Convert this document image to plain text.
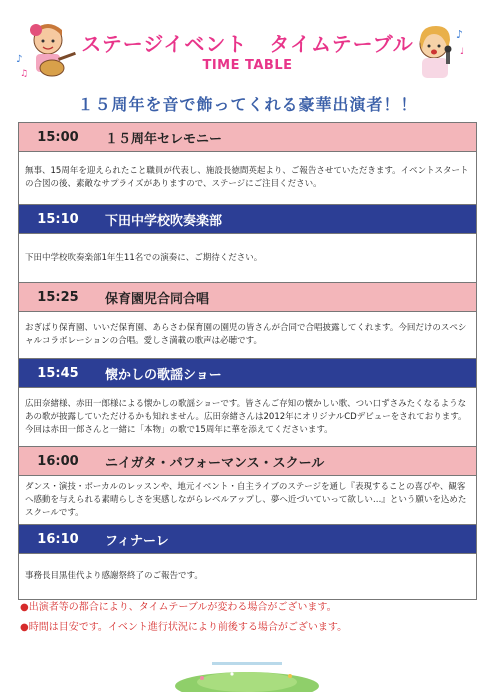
♪
♫
ステージイベント タイムテーブル
TIME TABLE
♪
♩
１５周年を音で飾ってくれる豪華出演者！！
15:00	１５周年セレモニー
無事、15周年を迎えられたこと職員が代表し、施設長徳間英起より、ご報告させていただきます。イベントスタートの合図の後、素敵なサプライズがありますので、ステージにご注目ください。
15:10	下田中学校吹奏楽部
下田中学校吹奏楽部1年生11名での演奏に、ご期待ください。
15:25	保育園児合同合唱
おぎばり保育園、いいだ保育園、あらさわ保育園の園児の皆さんが合同で合唱披露してくれます。今回だけのスペシャルコラボレーションの合唱。愛しさ満載の歌声は必聴です。
15:45	懐かしの歌謡ショー
広田奈緒様、赤田一郎様による懐かしの歌謡ショーです。皆さんご存知の懐かしい歌、つい口ずさみたくなるようなあの歌が披露していただけるかも知れません。広田奈緒さんは2012年にオリジナルCDデビューをされております。今回は赤田一郎さんと一緒に「本物」の歌で15周年に華を添えてくださいます。
16:00	ニイガタ・パフォーマンス・スクール
ダンス・演技・ボーカルのレッスンや、地元イベント・自主ライブのステージを通し『表現することの喜びや、観客へ感動を与えられる素晴らしさを実感しながらレベルアップし、夢へ近づいていって欲しい…』という願いを込めたスクールです。
16:10	フィナーレ
事務長目黒佳代より感謝祭終了のご報告です。
●出演者等の都合により、タイムテーブルが変わる場合がございます。
●時間は目安です。イベント進行状況により前後する場合がございます。
